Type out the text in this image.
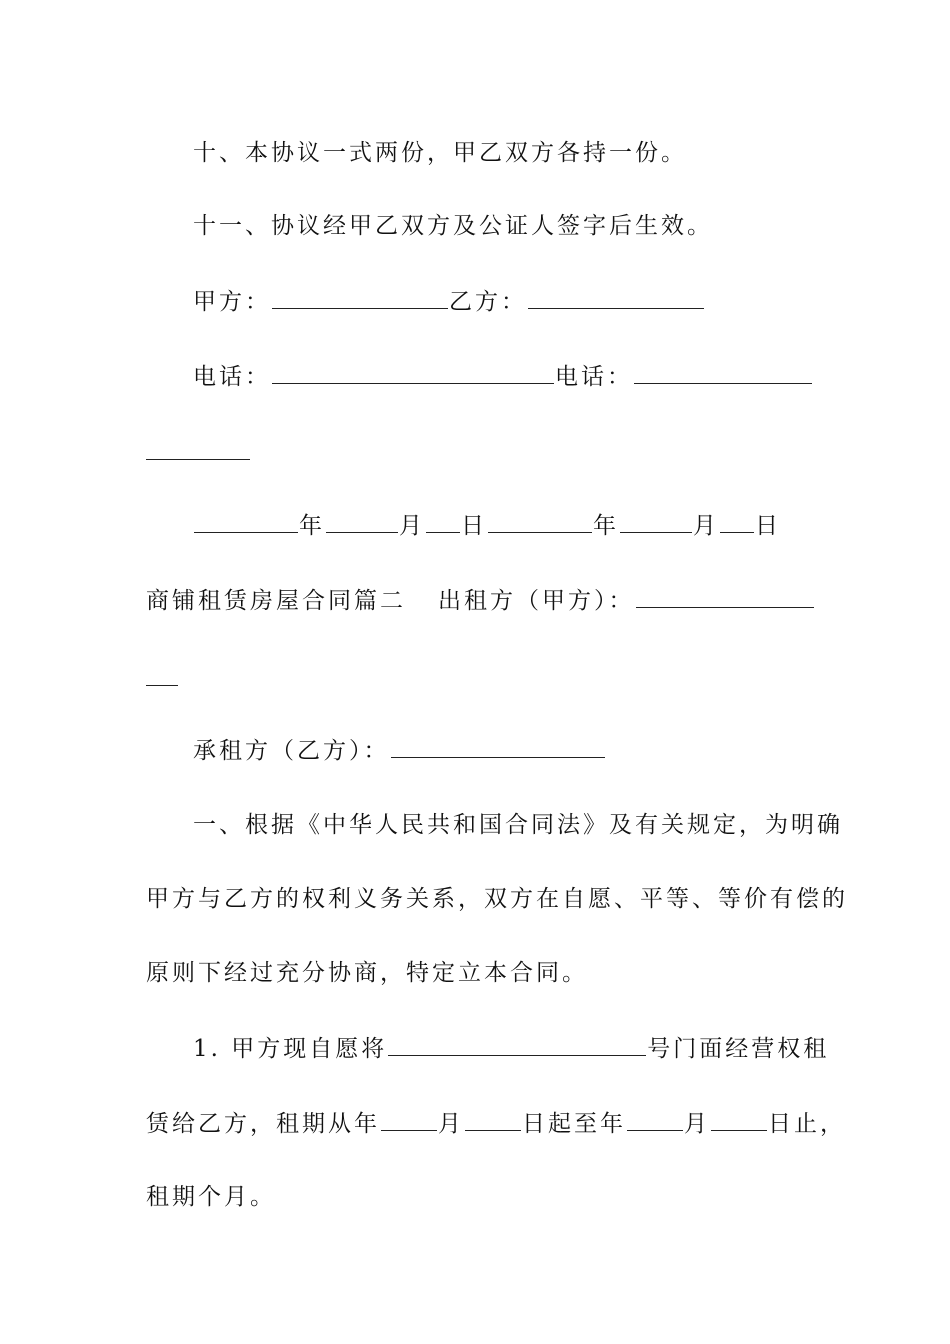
十、本协议一式两份，甲乙双方各持一份。
十一、协议经甲乙双方及公证人签字后生效。
甲方：	乙方：
电话：	电话：
年	月 日	年	月 日
商铺租赁房屋合同篇二 出租方（甲方）：
承租方（乙方）：
一、根据《中华人民共和国合同法》及有关规定，为明确
甲方与乙方的权利义务关系，双方在自愿、平等、等价有偿的
原则下经过充分协商，特定立本合同。
1. 甲方现自愿将	号门面经营权租
赁给乙方，租期从年	月	日起至年	月	日止，
租期个月。
